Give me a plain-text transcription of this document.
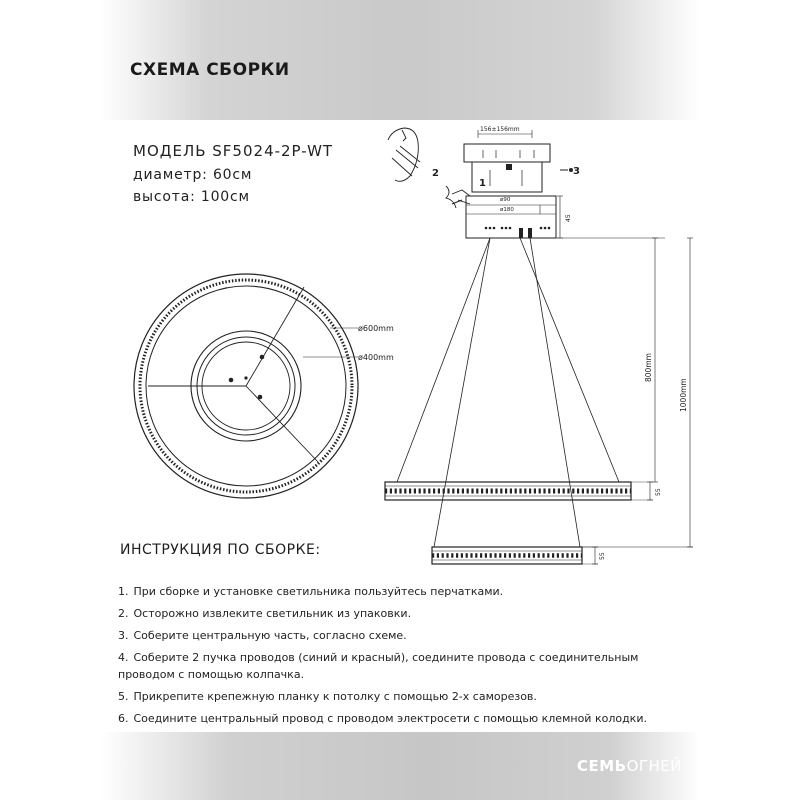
СХЕМА СБОРКИ
МОДЕЛЬ SF5024-2P-WT
диаметр: 60см
высота: 100см
ø600mm
ø400mm
2
156±156mm
ø90
ø180
45
1
3
55
55
800mm
1000mm
ИНСТРУКЦИЯ ПО СБОРКЕ:
1. При сборке и установке светильника пользуйтесь перчатками.
2. Осторожно извлеките светильник из упаковки.
3. Соберите центральную часть, согласно схеме.
4. Соберите 2 пучка проводов (синий и красный), соедините провода с соединительным проводом с помощью колпачка.
5. Прикрепите крепежную планку к потолку с помощью 2-х саморезов.
6. Соедините центральный провод с проводом электросети с помощью клемной колодки.
СЕМЬОГНЕЙ
